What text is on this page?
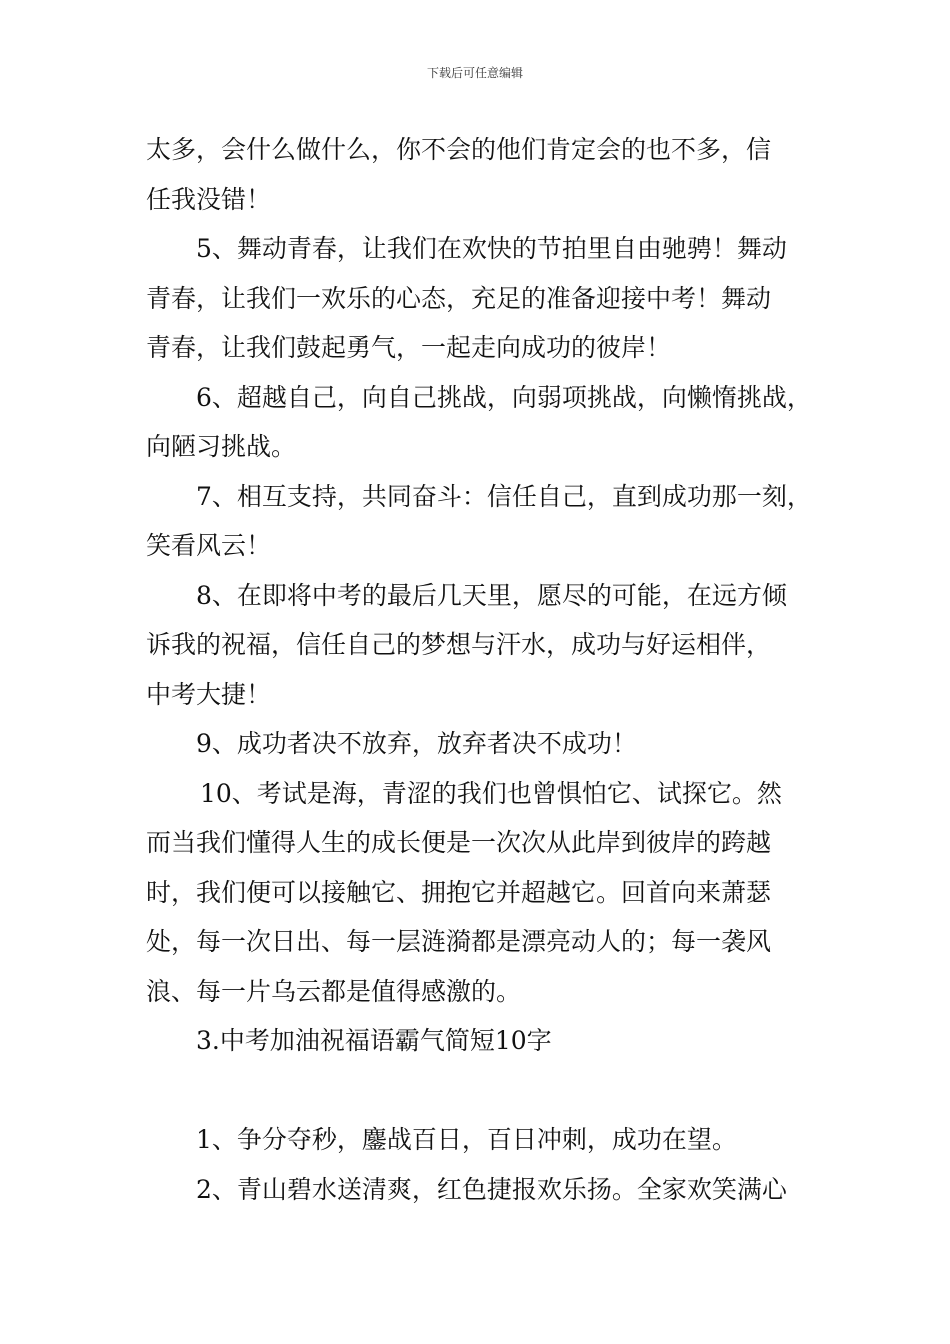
下载后可任意编辑

太多，会什么做什么，你不会的他们肯定会的也不多，信
任我没错！

5、舞动青春，让我们在欢快的节拍里自由驰骋！舞动
青春，让我们一欢乐的心态，充足的准备迎接中考！舞动
青春，让我们鼓起勇气，一起走向成功的彼岸！

6、超越自己，向自己挑战，向弱项挑战，向懒惰挑战，
向陋习挑战。

7、相互支持，共同奋斗：信任自己，直到成功那一刻，
笑看风云！

8、在即将中考的最后几天里，愿尽的可能，在远方倾
诉我的祝福，信任自己的梦想与汗水，成功与好运相伴，
中考大捷！

9、成功者决不放弃，放弃者决不成功！

10、考试是海，青涩的我们也曾惧怕它、试探它。然
而当我们懂得人生的成长便是一次次从此岸到彼岸的跨越
时，我们便可以接触它、拥抱它并超越它。回首向来萧瑟
处，每一次日出、每一层涟漪都是漂亮动人的；每一袭风
浪、每一片乌云都是值得感激的。

3.中考加油祝福语霸气简短10字

1、争分夺秒，鏖战百日，百日冲刺，成功在望。

2、青山碧水送清爽，红色捷报欢乐扬。全家欢笑满心
